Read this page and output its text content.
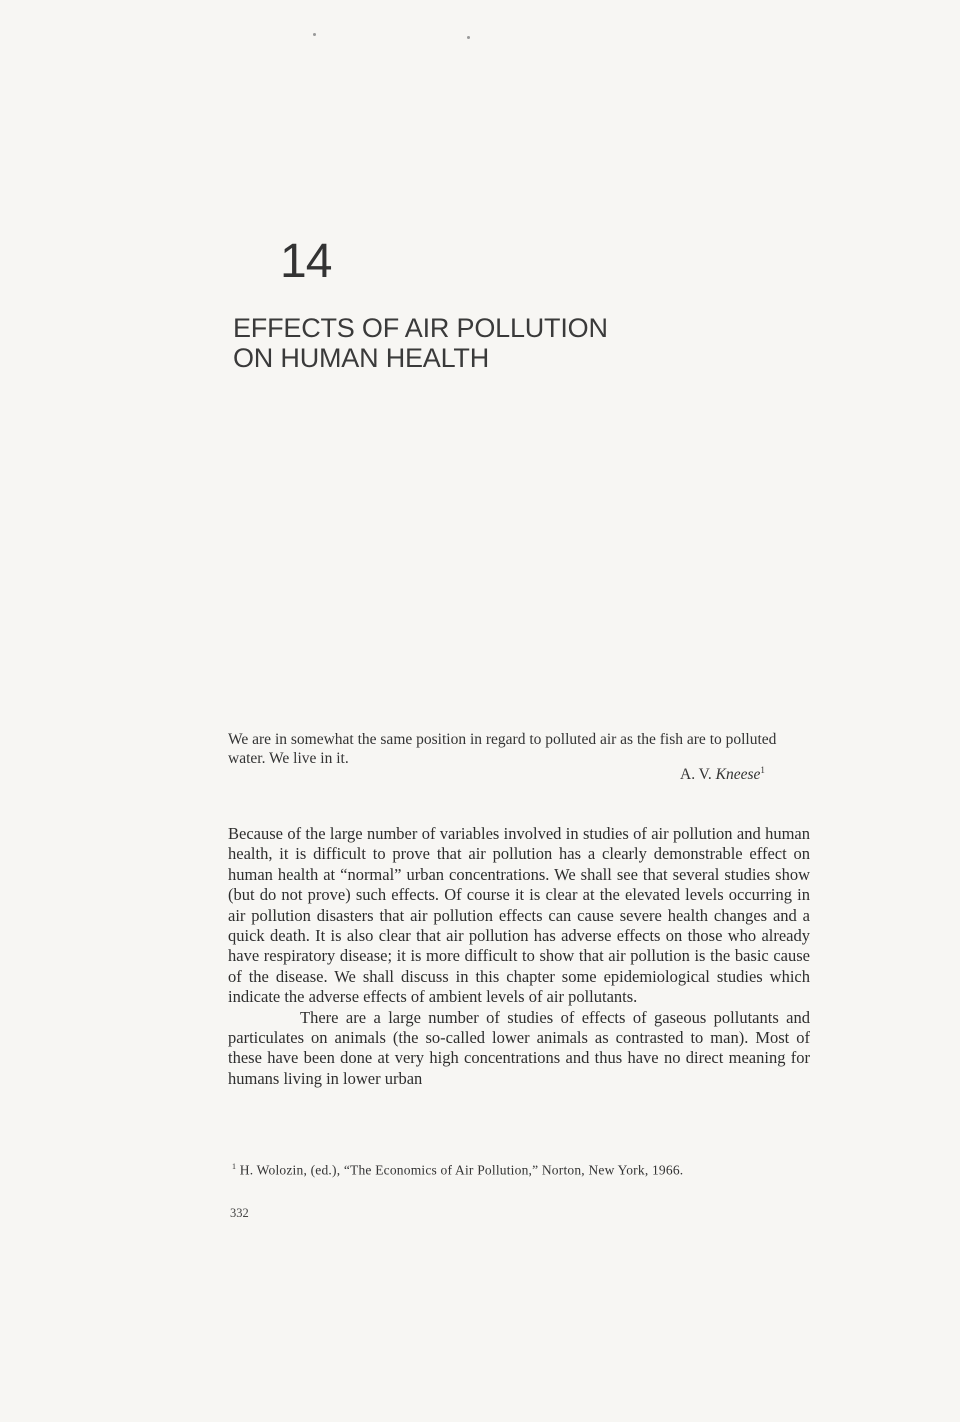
14
EFFECTS OF AIR POLLUTION
ON HUMAN HEALTH

We are in somewhat the same position in regard to polluted air as the fish are to polluted water. We live in it.

A. V. Kneese$^1$

Because of the large number of variables involved in studies of air pollution and human health, it is difficult to prove that air pollution has a clearly demonstrable effect on human health at “normal” urban concentrations. We shall see that several studies show (but do not prove) such effects. Of course it is clear at the elevated levels occurring in air pollution disasters that air pollution effects can cause severe health changes and a quick death. It is also clear that air pollution has adverse effects on those who already have respiratory disease; it is more difficult to show that air pollution is the basic cause of the disease. We shall discuss in this chapter some epidemiological studies which indicate the adverse effects of ambient levels of air pollutants.

There are a large number of studies of effects of gaseous pollutants and particulates on animals (the so-called lower animals as contrasted to man). Most of these have been done at very high concentrations and thus have no direct meaning for humans living in lower urban

$^1$ H. Wolozin, (ed.), “The Economics of Air Pollution,” Norton, New York, 1966.

332
